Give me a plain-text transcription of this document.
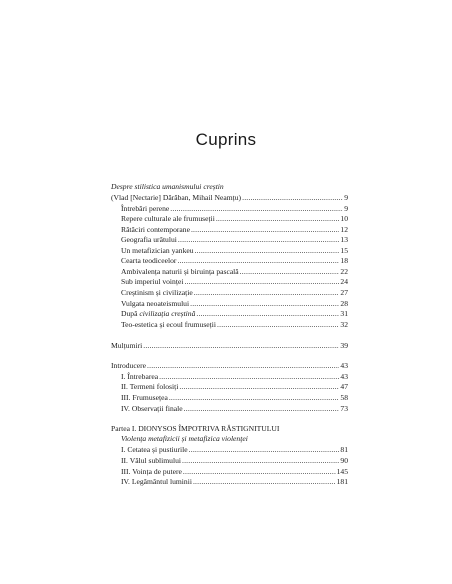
Cuprins
Despre stilistica umanismului creștin
(Vlad [Nectarie] Dărăban, Mihail Neamțu) .....	9
Întrebări perene .....	9
Repere culturale ale frumuseții .....	10
Rătăciri contemporane .....	12
Geografia urâtului .....	13
Un metafizician yankeu .....	15
Cearta teodiceelor .....	18
Ambivalența naturii și biruința pascală .....	22
Sub imperiul voinței .....	24
Creștinism și civilizație .....	27
Vulgata neoateismului .....	28
După civilizația creștină .....	31
Teo-estetica și ecoul frumuseții .....	32
Mulțumiri .....	39
Introducere .....	43
I. Întrebarea .....	43
II. Termeni folosiți .....	47
III. Frumusețea .....	58
IV. Observații finale .....	73
Partea I. DIONYSOS ÎMPOTRIVA RĂSTIGNITULUI
Violența metafizicii și metafizica violenței
I. Cetatea și pustiurile .....	81
II. Vălul sublimului .....	90
III. Voința de putere .....	145
IV. Legământul luminii .....	181
